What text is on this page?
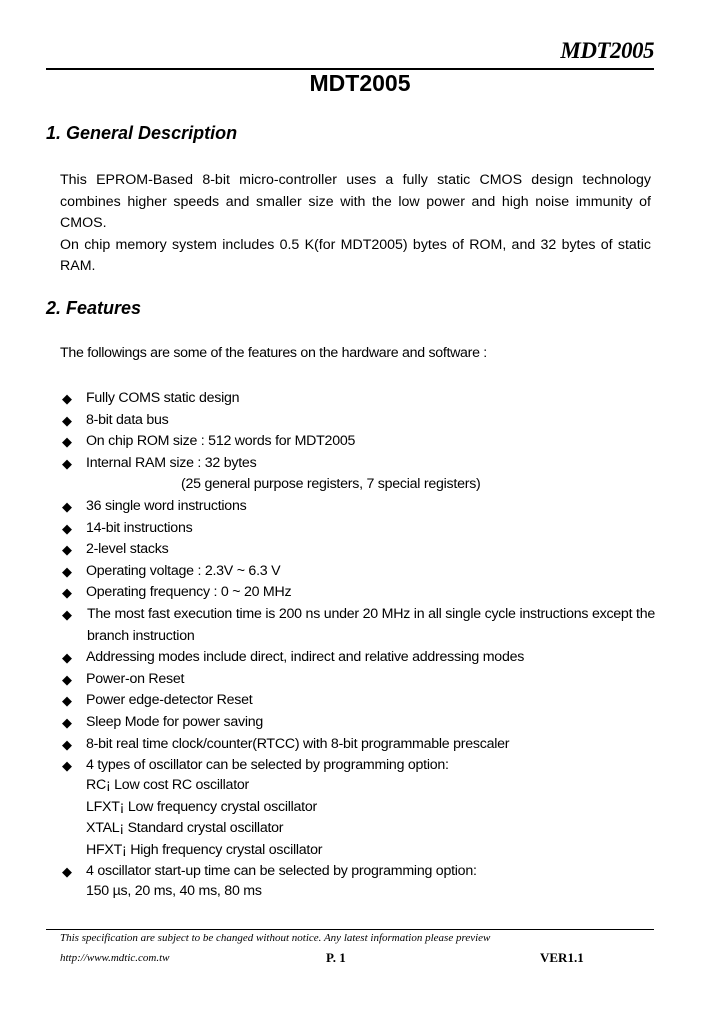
MDT2005
MDT2005
1. General Description

This EPROM-Based 8-bit micro-controller uses a fully static CMOS design technology combines higher speeds and smaller size with the low power and high noise immunity of CMOS.

On chip memory system includes 0.5 K(for MDT2005) bytes of ROM, and 32 bytes of static RAM.

2. Features
The followings are some of the features on the hardware and software :
◆ Fully COMS static design
◆ 8-bit data bus
◆ On chip ROM size : 512 words for MDT2005
◆ Internal RAM size : 32 bytes
(25 general purpose registers, 7 special registers)
◆ 36 single word instructions
◆ 14-bit instructions
◆ 2-level stacks
◆ Operating voltage : 2.3V ~ 6.3 V
◆ Operating frequency : 0 ~ 20 MHz
◆ The most fast execution time is 200 ns under 20 MHz in all single cycle instructions except the branch instruction
◆ Addressing modes include direct, indirect and relative addressing modes
◆ Power-on Reset
◆ Power edge-detector Reset
◆ Sleep Mode for power saving
◆ 8-bit real time clock/counter(RTCC) with 8-bit programmable prescaler
◆ 4 types of oscillator can be selected by programming option:
RC¡ Low cost RC oscillator
LFXT¡ Low frequency crystal oscillator
XTAL¡ Standard crystal oscillator
HFXT¡ High frequency crystal oscillator
◆ 4 oscillator start-up time can be selected by programming option:
150 µs, 20 ms, 40 ms, 80 ms
This specification are subject to be changed without notice. Any latest information please preview
http://www.mdtic.com.tw	P. 1	VER1.1
